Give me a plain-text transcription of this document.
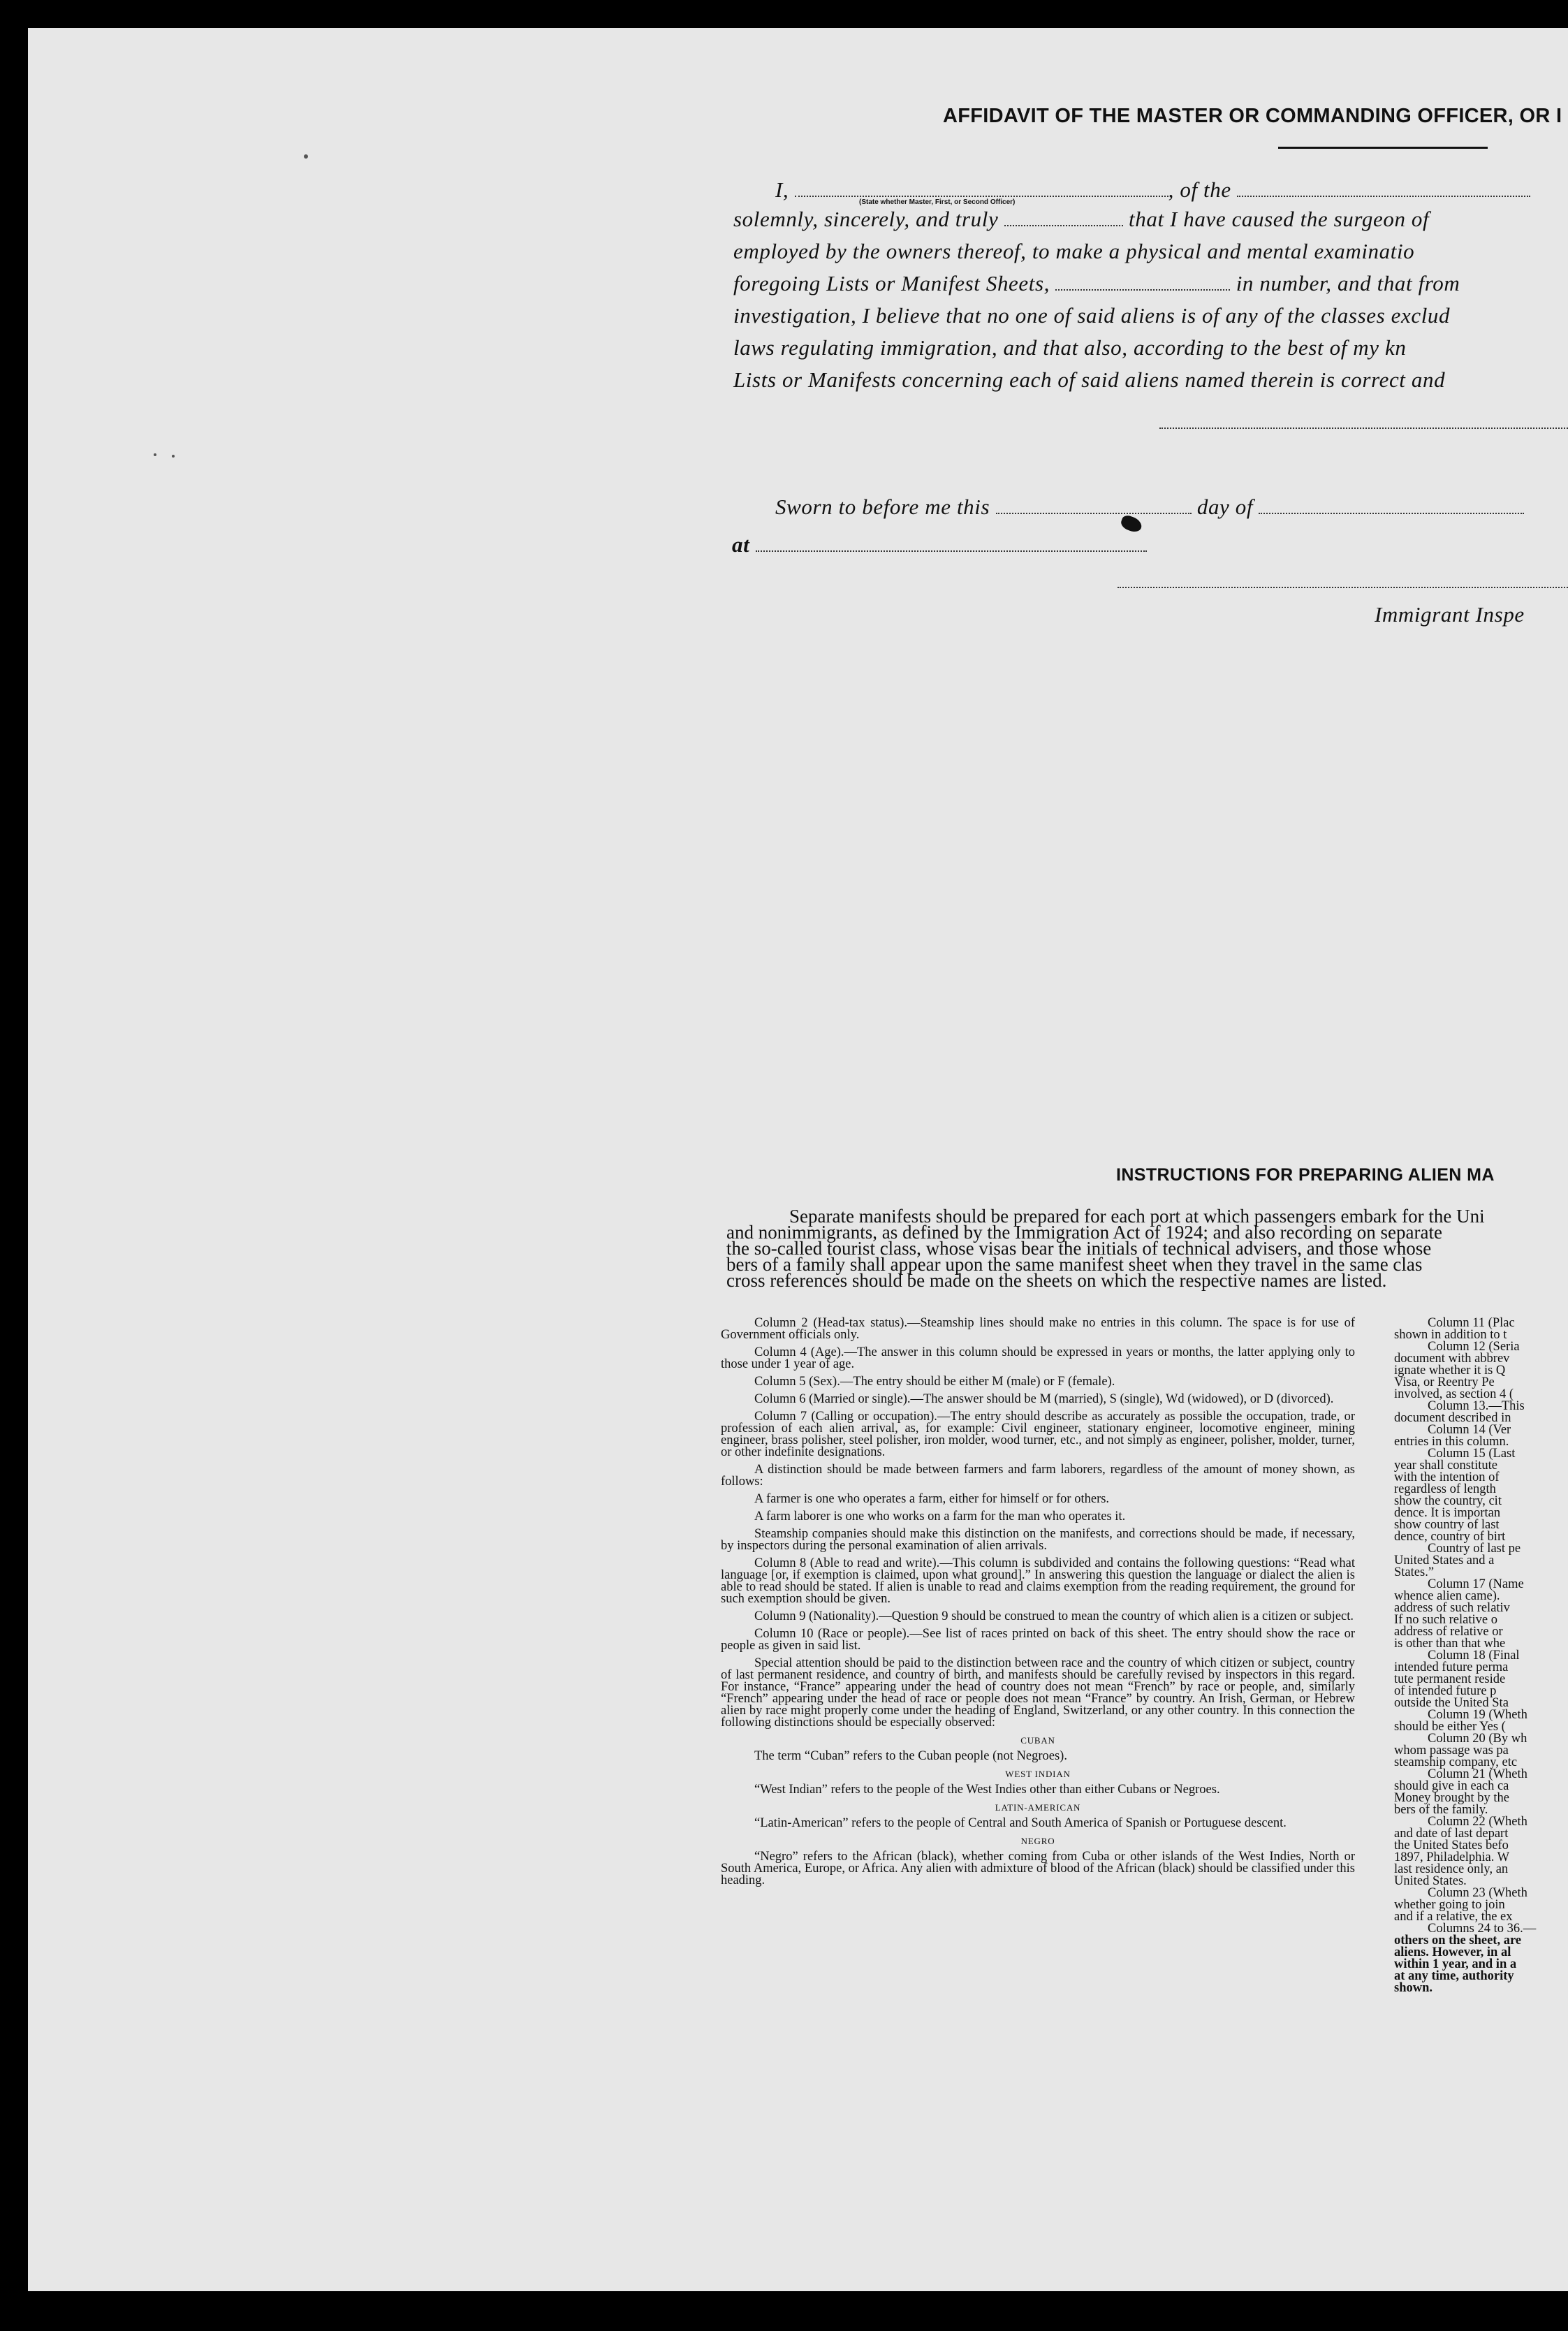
AFFIDAVIT OF THE MASTER OR COMMANDING OFFICER, OR I
I,	, of the
(State whether Master, First, or Second Officer)
solemnly, sincerely, and truly	that I have caused the surgeon of
employed by the owners thereof, to make a physical and mental examinatio
foregoing Lists or Manifest Sheets,	in number, and that from
investigation, I believe that no one of said aliens is of any of the classes exclud
laws regulating immigration, and that also, according to the best of my kn
Lists or Manifests concerning each of said aliens named therein is correct and
Sworn to before me this	day of
at
Immigrant Inspe
INSTRUCTIONS FOR PREPARING ALIEN MA

Separate manifests should be prepared for each port at which passengers embark for the Uni

and nonimmigrants, as defined by the Immigration Act of 1924; and also recording on separate

the so-called tourist class, whose visas bear the initials of technical advisers, and those whose

bers of a family shall appear upon the same manifest sheet when they travel in the same clas

cross references should be made on the sheets on which the respective names are listed.

Column 2 (Head-tax status).—Steamship lines should make no entries in this column. The space is for use of Government officials only.

Column 4 (Age).—The answer in this column should be expressed in years or months, the latter applying only to those under 1 year of age.

Column 5 (Sex).—The entry should be either M (male) or F (female).

Column 6 (Married or single).—The answer should be M (married), S (single), Wd (widowed), or D (divorced).

Column 7 (Calling or occupation).—The entry should describe as accurately as possible the occupation, trade, or profession of each alien arrival, as, for example: Civil engineer, stationary engineer, locomotive engineer, mining engineer, brass polisher, steel polisher, iron molder, wood turner, etc., and not simply as engineer, polisher, molder, turner, or other indefinite designations.

A distinction should be made between farmers and farm laborers, regardless of the amount of money shown, as follows:

A farmer is one who operates a farm, either for himself or for others.

A farm laborer is one who works on a farm for the man who operates it.

Steamship companies should make this distinction on the manifests, and corrections should be made, if necessary, by inspectors during the personal examination of alien arrivals.

Column 8 (Able to read and write).—This column is subdivided and contains the following questions: “Read what language [or, if exemption is claimed, upon what ground].” In answering this question the language or dialect the alien is able to read should be stated. If alien is unable to read and claims exemption from the reading requirement, the ground for such exemption should be given.

Column 9 (Nationality).—Question 9 should be construed to mean the country of which alien is a citizen or subject.

Column 10 (Race or people).—See list of races printed on back of this sheet. The entry should show the race or people as given in said list.

Special attention should be paid to the distinction between race and the country of which citizen or subject, country of last permanent residence, and country of birth, and manifests should be carefully revised by inspectors in this regard. For instance, “France” appearing under the head of country does not mean “French” by race or people, and, similarly “French” appearing under the head of race or people does not mean “France” by country. An Irish, German, or Hebrew alien by race might properly come under the heading of England, Switzerland, or any other country. In this connection the following distinctions should be especially observed:

CUBAN

The term “Cuban” refers to the Cuban people (not Negroes).

WEST INDIAN

“West Indian” refers to the people of the West Indies other than either Cubans or Negroes.

LATIN-AMERICAN

“Latin-American” refers to the people of Central and South America of Spanish or Portuguese descent.

NEGRO

“Negro” refers to the African (black), whether coming from Cuba or other islands of the West Indies, North or South America, Europe, or Africa. Any alien with admixture of blood of the African (black) should be classified under this heading.

Column 11 (Plac
shown in addition to t
Column 12 (Seria
document with abbrev
ignate whether it is Q
Visa, or Reentry Pe
involved, as section 4 (
Column 13.—This
document described in
Column 14 (Ver
entries in this column.
Column 15 (Last
year shall constitute
with the intention of
regardless of length
show the country, cit
dence. It is importan
show country of last
dence, country of birt
Country of last pe
United States and a
States.”
Column 17 (Name
whence alien came).
address of such relativ
If no such relative o
address of relative or
is other than that whe
Column 18 (Final
intended future perma
tute permanent reside
of intended future p
outside the United Sta
Column 19 (Wheth
should be either Yes (
Column 20 (By wh
whom passage was pa
steamship company, etc
Column 21 (Wheth
should give in each ca
Money brought by the
bers of the family.
Column 22 (Wheth
and date of last depart
the United States befo
1897, Philadelphia. W
last residence only, an
United States.
Column 23 (Wheth
whether going to join
and if a relative, the ex
Columns 24 to 36.—
others on the sheet, are
aliens. However, in al
within 1 year, and in a
at any time, authority
shown.
